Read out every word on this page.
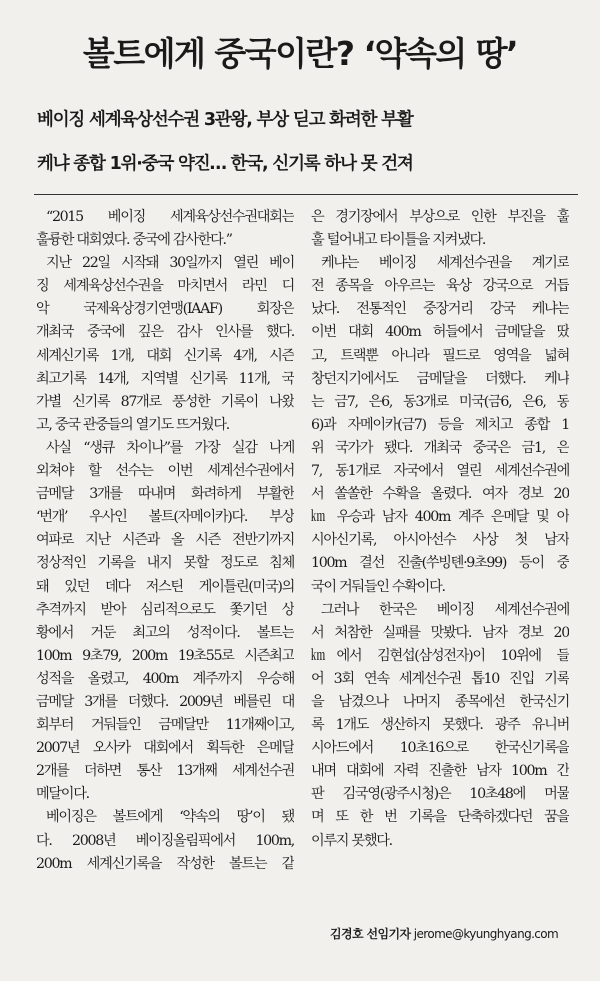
볼트에게 중국이란? ‘약속의 땅’
베이징 세계육상선수권 3관왕, 부상 딛고 화려한 부활
케냐 종합 1위·중국 약진… 한국, 신기록 하나 못 건져
“2015 베이징 세계육상선수권대회는
훌륭한 대회였다. 중국에 감사한다.”
지난 22일 시작돼 30일까지 열린 베이
징 세계육상선수권을 마치면서 라민 디
악 국제육상경기연맹(IAAF) 회장은
개최국 중국에 깊은 감사 인사를 했다.
세계신기록 1개, 대회 신기록 4개, 시즌
최고기록 14개, 지역별 신기록 11개, 국
가별 신기록 87개로 풍성한 기록이 나왔
고, 중국 관중들의 열기도 뜨거웠다.
사실 “생큐 차이나”를 가장 실감 나게
외쳐야 할 선수는 이번 세계선수권에서
금메달 3개를 따내며 화려하게 부활한
‘번개’ 우사인 볼트(자메이카)다. 부상
여파로 지난 시즌과 올 시즌 전반기까지
정상적인 기록을 내지 못할 정도로 침체
돼 있던 데다 저스틴 게이틀린(미국)의
추격까지 받아 심리적으로도 쫓기던 상
황에서 거둔 최고의 성적이다. 볼트는
100m 9초79, 200m 19초55로 시즌최고
성적을 올렸고, 400m 계주까지 우승해
금메달 3개를 더했다. 2009년 베를린 대
회부터 거둬들인 금메달만 11개째이고,
2007년 오사카 대회에서 획득한 은메달
2개를 더하면 통산 13개째 세계선수권
메달이다.
베이징은 볼트에게 ‘약속의 땅’이 됐
다. 2008년 베이징올림픽에서 100m,
200m 세계신기록을 작성한 볼트는 같
은 경기장에서 부상으로 인한 부진을 훌
훌 털어내고 타이틀을 지켜냈다.
케냐는 베이징 세계선수권을 계기로
전 종목을 아우르는 육상 강국으로 거듭
났다. 전통적인 중장거리 강국 케냐는
이번 대회 400m 허들에서 금메달을 땄
고, 트랙뿐 아니라 필드로 영역을 넓혀
창던지기에서도 금메달을 더했다. 케냐
는 금7, 은6, 동3개로 미국(금6, 은6, 동
6)과 자메이카(금7) 등을 제치고 종합 1
위 국가가 됐다. 개최국 중국은 금1, 은
7, 동1개로 자국에서 열린 세계선수권에
서 쏠쏠한 수확을 올렸다. 여자 경보 20
㎞ 우승과 남자 400m 계주 은메달 및 아
시아신기록, 아시아선수 사상 첫 남자
100m 결선 진출(쑤빙톈·9초99) 등이 중
국이 거둬들인 수확이다.
그러나 한국은 베이징 세계선수권에
서 처참한 실패를 맛봤다. 남자 경보 20
㎞에서 김현섭(삼성전자)이 10위에 들
어 3회 연속 세계선수권 톱10 진입 기록
을 남겼으나 나머지 종목에선 한국신기
록 1개도 생산하지 못했다. 광주 유니버
시아드에서 10초16으로 한국신기록을
내며 대회에 자력 진출한 남자 100m 간
판 김국영(광주시청)은 10초48에 머물
며 또 한 번 기록을 단축하겠다던 꿈을
이루지 못했다.
김경호 선임기자 jerome@kyunghyang.com
